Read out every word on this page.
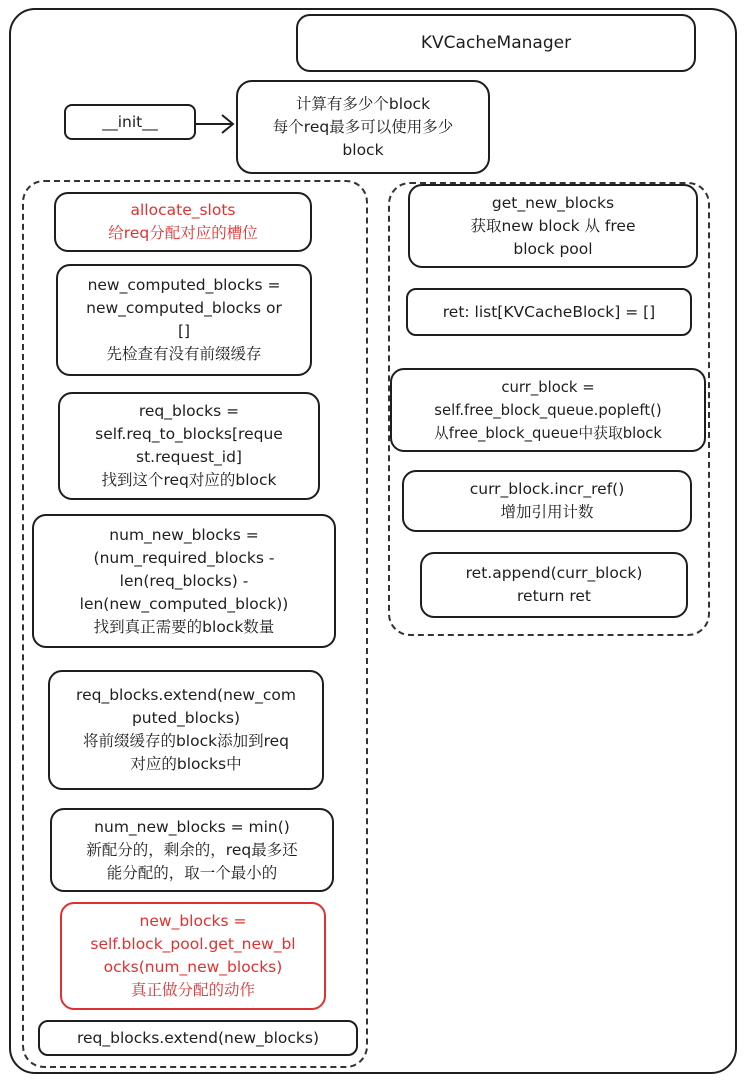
KVCacheManager
__init__
计算有多少个block
每个req最多可以使用多少
block
allocate_slots
给req分配对应的槽位
new_computed_blocks =
new_computed_blocks or
[]
先检查有没有前缀缓存
req_blocks =
self.req_to_blocks[reque
st.request_id]
找到这个req对应的block
num_new_blocks =
(num_required_blocks -
len(req_blocks) -
len(new_computed_block))
找到真正需要的block数量
req_blocks.extend(new_com
puted_blocks)
将前缀缓存的block添加到req
对应的blocks中
num_new_blocks = min()
新配分的，剩余的，req最多还
能分配的，取一个最小的
new_blocks =
self.block_pool.get_new_bl
ocks(num_new_blocks)
真正做分配的动作
req_blocks.extend(new_blocks)
get_new_blocks
获取new block 从 free
block pool
ret: list[KVCacheBlock] = []
curr_block =
self.free_block_queue.popleft()
从free_block_queue中获取block
curr_block.incr_ref()
增加引用计数
ret.append(curr_block)
return ret
